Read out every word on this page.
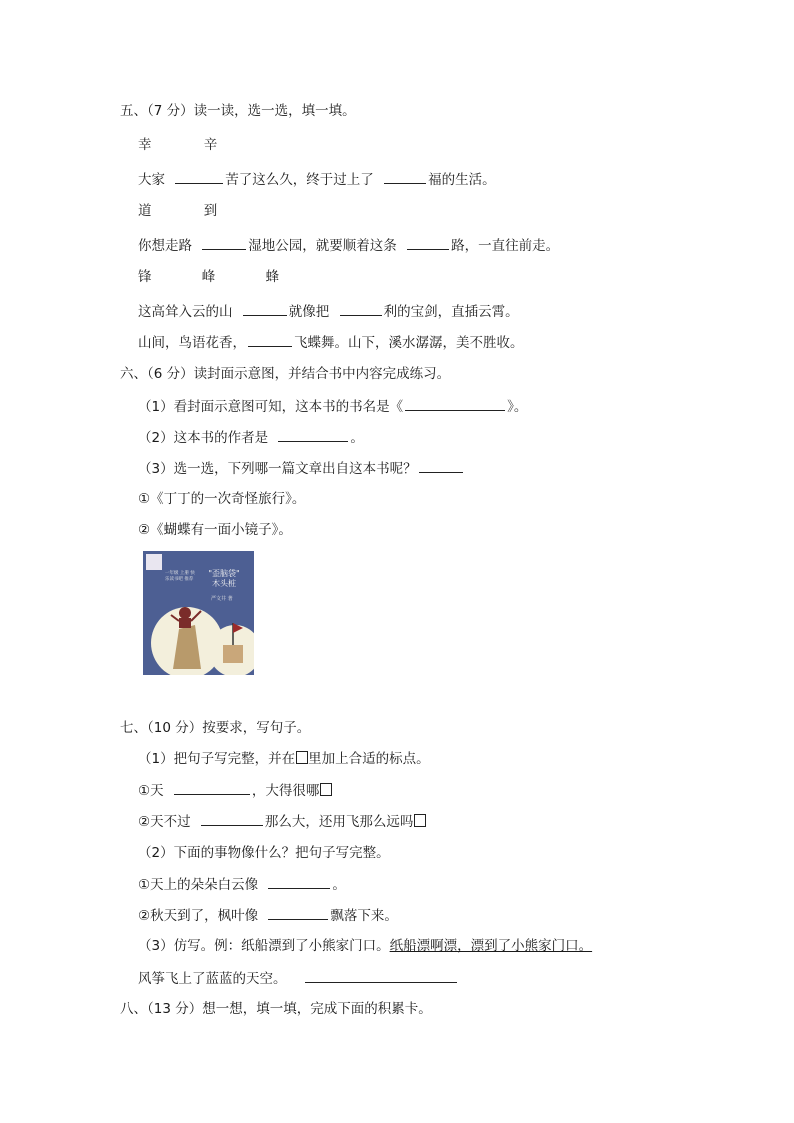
五、（7 分）读一读，选一选，填一填。
幸	辛
大家	苦了这么久，终于过上了	福的生活。
道	到
你想走路	湿地公园，就要顺着这条	路，一直往前走。
锋	峰	蜂
这高耸入云的山	就像把	利的宝剑，直插云霄。
山间，鸟语花香，	飞蝶舞。山下，溪水潺潺，美不胜收。
六、（6 分）读封面示意图，并结合书中内容完成练习。
（1）看封面示意图可知，这本书的书名是《	》。
（2）这本书的作者是	。
（3）选一选，下列哪一篇文章出自这本书呢？
①《丁丁的一次奇怪旅行》。
②《蝴蝶有一面小镜子》。
"歪脑袋"
木头桩
严文井 著
一年级 上册 快乐读书吧 推荐
七、（10 分）按要求，写句子。
（1）把句子写完整，并在 里加上合适的标点。
①天	，大得很哪
②天不过	那么大，还用飞那么远吗
（2）下面的事物像什么？把句子写完整。
①天上的朵朵白云像	。
②秋天到了，枫叶像	飘落下来。
（3）仿写。例：纸船漂到了小熊家门口。纸船漂啊漂，漂到了小熊家门口。
风筝飞上了蓝蓝的天空。
八、（13 分）想一想，填一填，完成下面的积累卡。
